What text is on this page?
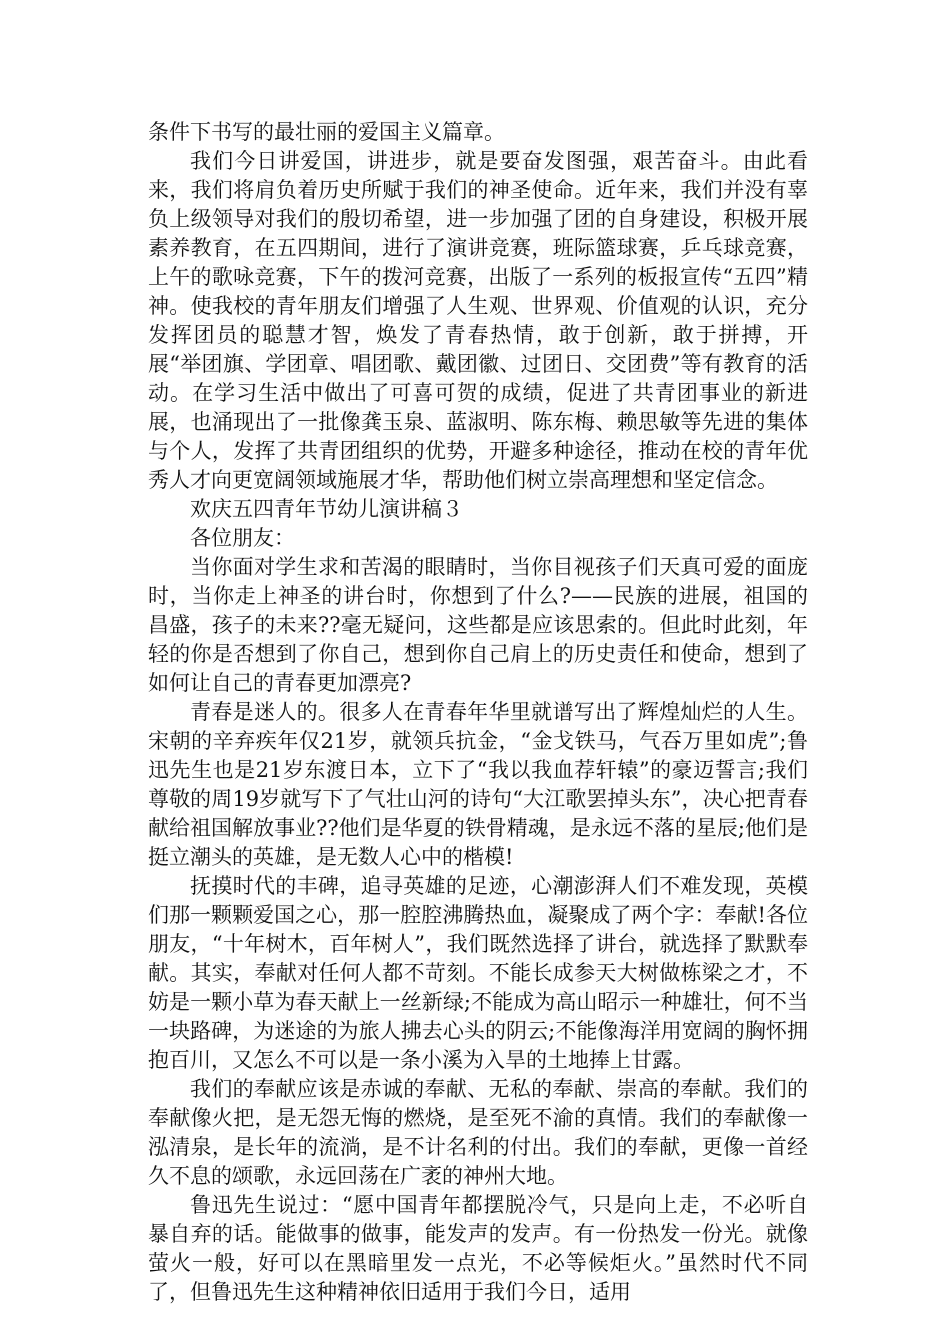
条件下书写的最壮丽的爱国主义篇章。

我们今日讲爱国，讲进步，就是要奋发图强，艰苦奋斗。由此看来，我们将肩负着历史所赋于我们的神圣使命。近年来，我们并没有辜负上级领导对我们的殷切希望，进一步加强了团的自身建设，积极开展素养教育，在五四期间，进行了演讲竞赛，班际篮球赛，乒乓球竞赛，上午的歌咏竞赛，下午的拨河竞赛，出版了一系列的板报宣传“五四”精神。使我校的青年朋友们增强了人生观、世界观、价值观的认识，充分发挥团员的聪慧才智，焕发了青春热情，敢于创新，敢于拼搏，开展“举团旗、学团章、唱团歌、戴团徽、过团日、交团费”等有教育的活动。在学习生活中做出了可喜可贺的成绩，促进了共青团事业的新进展，也涌现出了一批像龚玉泉、蓝淑明、陈东梅、赖思敏等先进的集体与个人，发挥了共青团组织的优势，开避多种途径，推动在校的青年优秀人才向更宽阔领域施展才华，帮助他们树立崇高理想和坚定信念。

欢庆五四青年节幼儿演讲稿３

各位朋友：

当你面对学生求和苦渴的眼睛时，当你目视孩子们天真可爱的面庞时，当你走上神圣的讲台时，你想到了什么?——民族的进展，祖国的昌盛，孩子的未来??毫无疑问，这些都是应该思索的。但此时此刻，年轻的你是否想到了你自己，想到你自己肩上的历史责任和使命，想到了如何让自己的青春更加漂亮?

青春是迷人的。很多人在青春年华里就谱写出了辉煌灿烂的人生。宋朝的辛弃疾年仅21岁，就领兵抗金，“金戈铁马，气吞万里如虎”;鲁迅先生也是21岁东渡日本，立下了“我以我血荐轩辕”的豪迈誓言;我们尊敬的周19岁就写下了气壮山河的诗句“大江歌罢掉头东”，决心把青春献给祖国解放事业??他们是华夏的铁骨精魂，是永远不落的星辰;他们是挺立潮头的英雄，是无数人心中的楷模!

抚摸时代的丰碑，追寻英雄的足迹，心潮澎湃人们不难发现，英模们那一颗颗爱国之心，那一腔腔沸腾热血，凝聚成了两个字：奉献!各位朋友，“十年树木，百年树人”，我们既然选择了讲台，就选择了默默奉献。其实，奉献对任何人都不苛刻。不能长成参天大树做栋梁之才，不妨是一颗小草为春天献上一丝新绿;不能成为高山昭示一种雄壮，何不当一块路碑，为迷途的为旅人拂去心头的阴云;不能像海洋用宽阔的胸怀拥抱百川，又怎么不可以是一条小溪为入旱的土地捧上甘露。

我们的奉献应该是赤诚的奉献、无私的奉献、崇高的奉献。我们的奉献像火把，是无怨无悔的燃烧，是至死不渝的真情。我们的奉献像一泓清泉，是长年的流淌，是不计名利的付出。我们的奉献，更像一首经久不息的颂歌，永远回荡在广袤的神州大地。

鲁迅先生说过：“愿中国青年都摆脱冷气，只是向上走，不必听自暴自弃的话。能做事的做事，能发声的发声。有一份热发一份光。就像萤火一般，好可以在黑暗里发一点光，不必等候炬火。”虽然时代不同了，但鲁迅先生这种精神依旧适用于我们今日，适用
